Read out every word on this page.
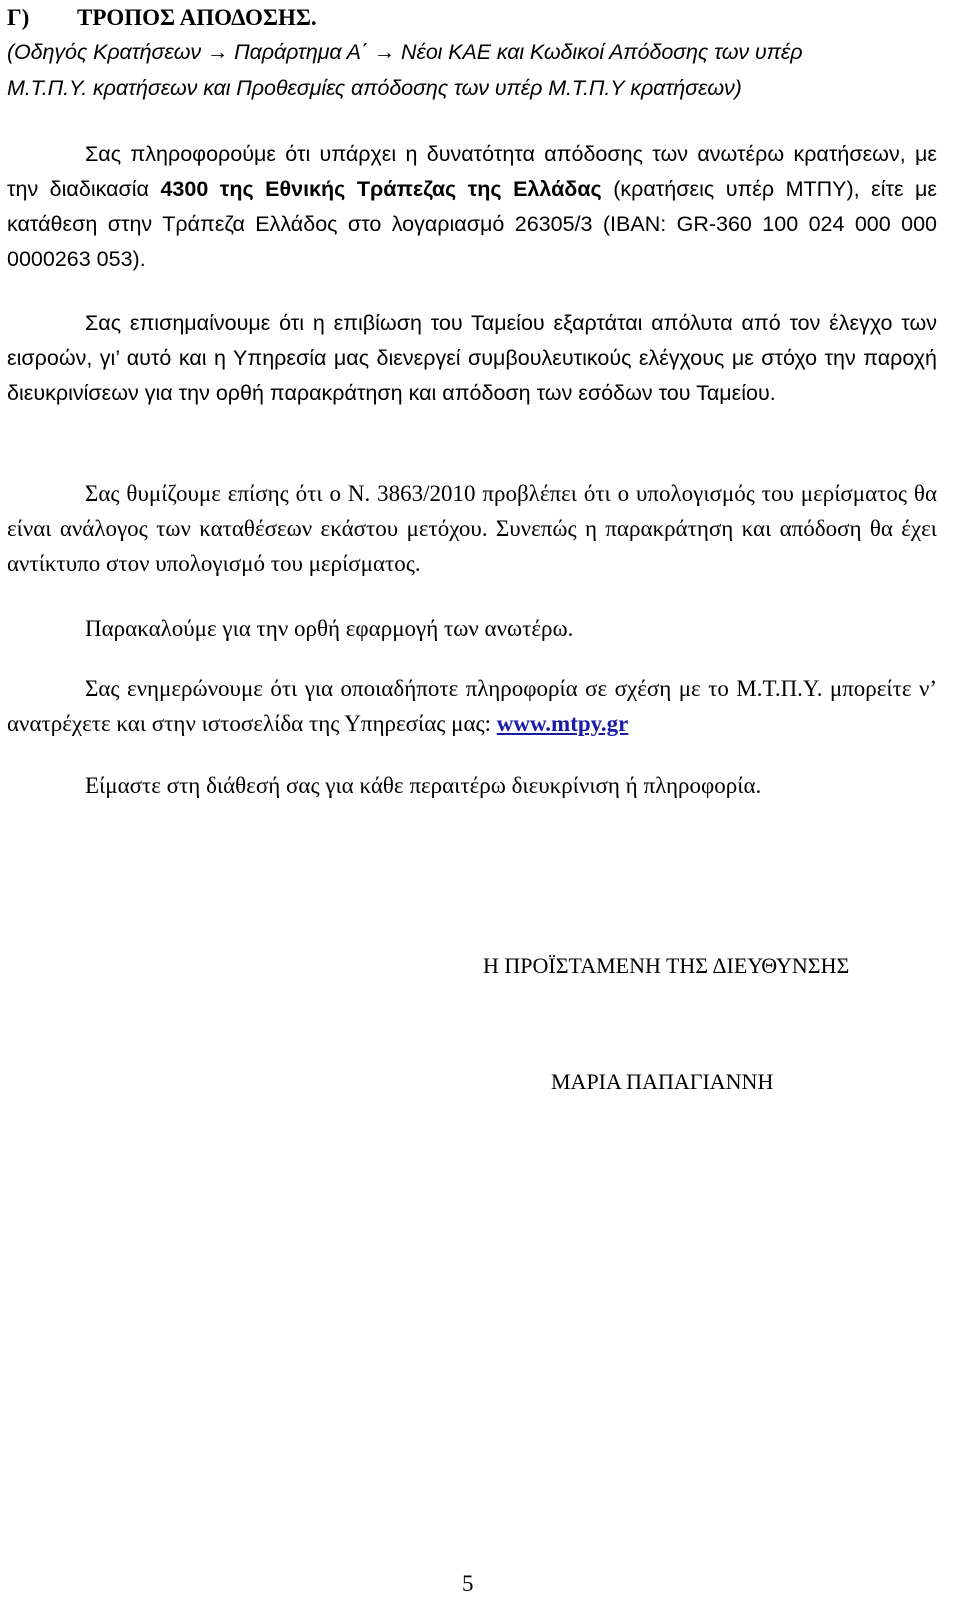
Γ) ΤΡΟΠΟΣ ΑΠΟΔΟΣΗΣ.

(Οδηγός Κρατήσεων → Παράρτημα Α΄ → Νέοι ΚΑΕ και Κωδικοί Απόδοσης των υπέρ
Μ.Τ.Π.Υ. κρατήσεων και Προθεσμίες απόδοσης των υπέρ Μ.Τ.Π.Υ κρατήσεων)

Σας πληροφορούμε ότι υπάρχει η δυνατότητα απόδοσης των ανωτέρω κρατήσεων, με την διαδικασία 4300 της Εθνικής Τράπεζας της Ελλάδας (κρατήσεις υπέρ ΜΤΠΥ), είτε με κατάθεση στην Τράπεζα Ελλάδος στο λογαριασμό 26305/3 (IBAN: GR-360 100 024 000 000 0000263 053).

Σας επισημαίνουμε ότι η επιβίωση του Ταμείου εξαρτάται απόλυτα από τον έλεγχο των εισροών, γι’ αυτό και η Υπηρεσία μας διενεργεί συμβουλευτικούς ελέγχους με στόχο την παροχή διευκρινίσεων για την ορθή παρακράτηση και απόδοση των εσόδων του Ταμείου.

Σας θυμίζουμε επίσης ότι ο Ν. 3863/2010 προβλέπει ότι ο υπολογισμός του μερίσματος θα είναι ανάλογος των καταθέσεων εκάστου μετόχου. Συνεπώς η παρακράτηση και απόδοση θα έχει αντίκτυπο στον υπολογισμό του μερίσματος.

Παρακαλούμε για την ορθή εφαρμογή των ανωτέρω.

Σας ενημερώνουμε ότι για οποιαδήποτε πληροφορία σε σχέση με το Μ.Τ.Π.Υ. μπορείτε ν’ ανατρέχετε και στην ιστοσελίδα της Υπηρεσίας μας: www.mtpy.gr

Είμαστε στη διάθεσή σας για κάθε περαιτέρω διευκρίνιση ή πληροφορία.

Η ΠΡΟΪΣΤΑΜΕΝΗ ΤΗΣ ΔΙΕΥΘΥΝΣΗΣ

ΜΑΡΙΑ ΠΑΠΑΓΙΑΝΝΗ

5
